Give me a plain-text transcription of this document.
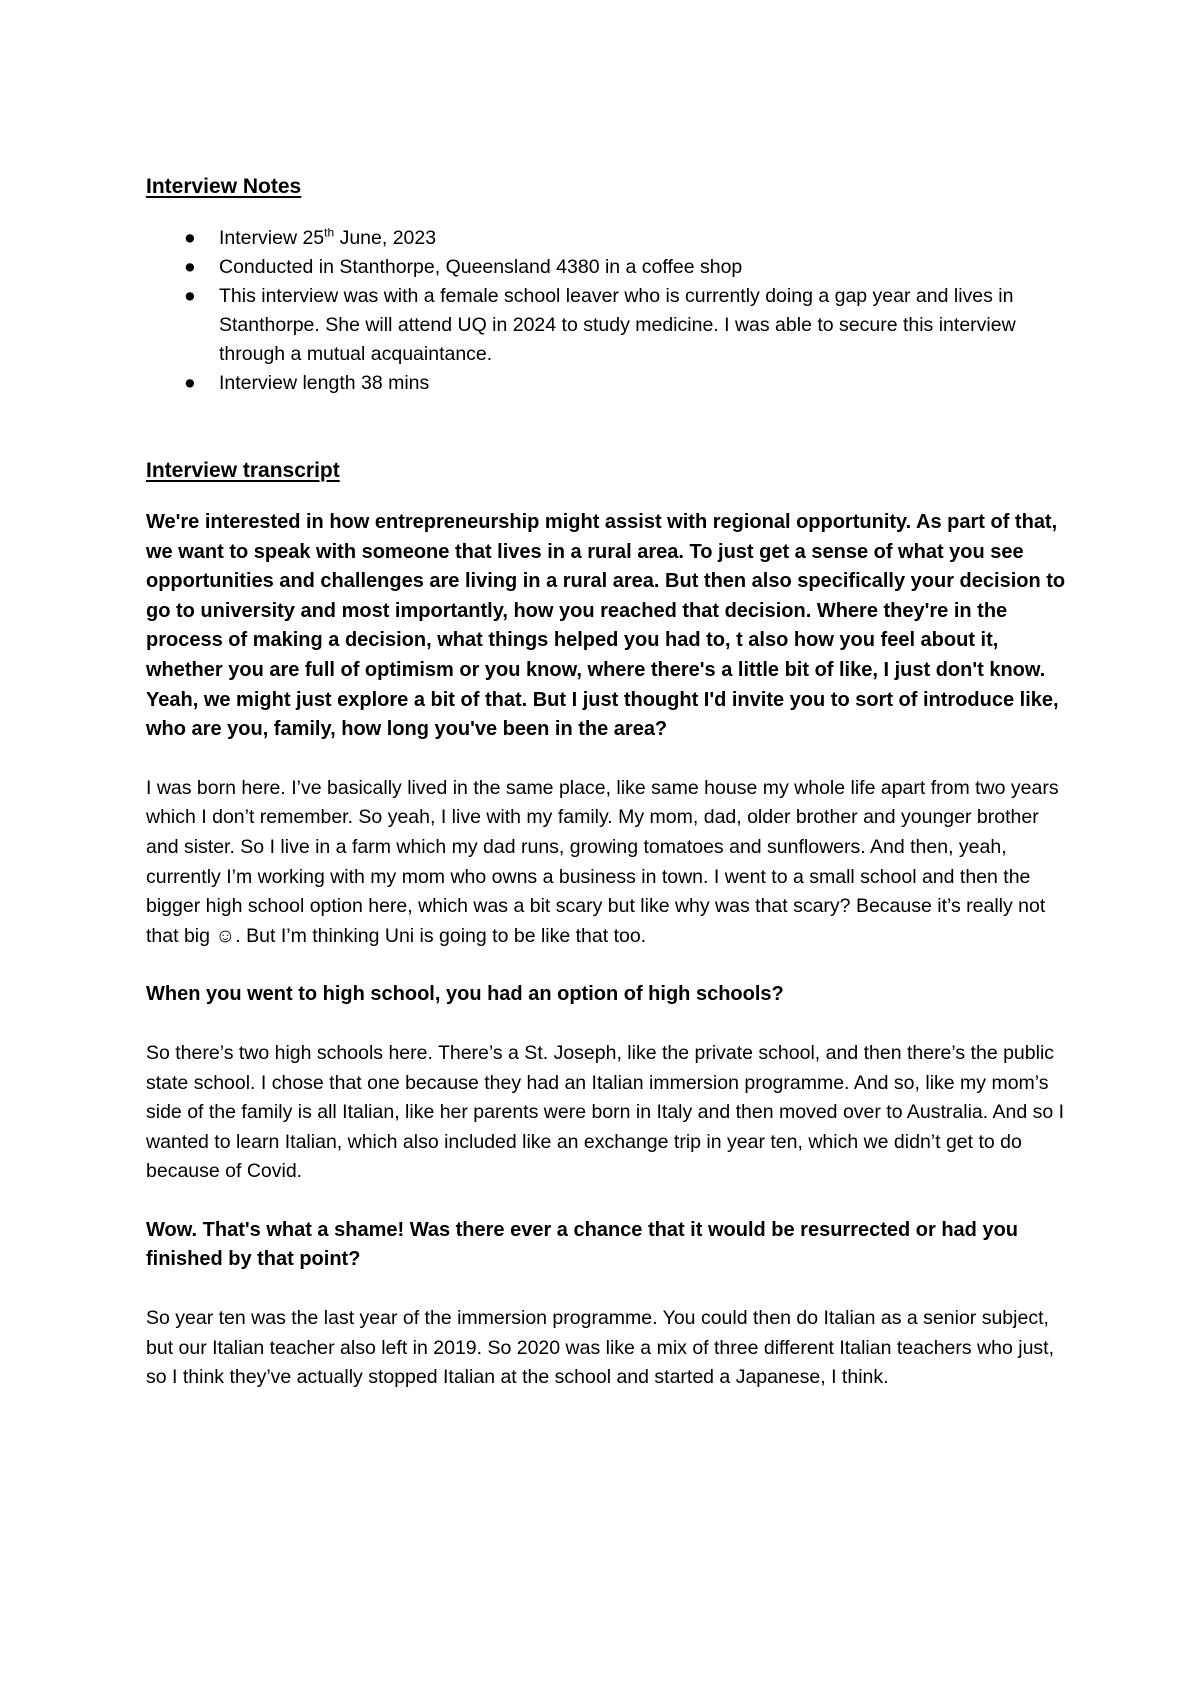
Interview Notes
● Interview 25th June, 2023
● Conducted in Stanthorpe, Queensland 4380 in a coffee shop
● This interview was with a female school leaver who is currently doing a gap year and lives in Stanthorpe. She will attend UQ in 2024 to study medicine. I was able to secure this interview through a mutual acquaintance.
● Interview length 38 mins
Interview transcript

We're interested in how entrepreneurship might assist with regional opportunity. As part of that, we want to speak with someone that lives in a rural area. To just get a sense of what you see opportunities and challenges are living in a rural area. But then also specifically your decision to go to university and most importantly, how you reached that decision. Where they're in the process of making a decision, what things helped you had to, t also how you feel about it, whether you are full of optimism or you know, where there's a little bit of like, I just don't know. Yeah, we might just explore a bit of that. But I just thought I'd invite you to sort of introduce like, who are you, family, how long you've been in the area?

I was born here. I’ve basically lived in the same place, like same house my whole life apart from two years which I don’t remember. So yeah, I live with my family. My mom, dad, older brother and younger brother and sister. So I live in a farm which my dad runs, growing tomatoes and sunflowers. And then, yeah, currently I’m working with my mom who owns a business in town. I went to a small school and then the bigger high school option here, which was a bit scary but like why was that scary? Because it’s really not that big ☺. But I’m thinking Uni is going to be like that too.

When you went to high school, you had an option of high schools?

So there’s two high schools here. There’s a St. Joseph, like the private school, and then there’s the public state school. I chose that one because they had an Italian immersion programme. And so, like my mom’s side of the family is all Italian, like her parents were born in Italy and then moved over to Australia. And so I wanted to learn Italian, which also included like an exchange trip in year ten, which we didn’t get to do because of Covid.

Wow. That's what a shame! Was there ever a chance that it would be resurrected or had you finished by that point?

So year ten was the last year of the immersion programme. You could then do Italian as a senior subject, but our Italian teacher also left in 2019. So 2020 was like a mix of three different Italian teachers who just, so I think they’ve actually stopped Italian at the school and started a Japanese, I think.
